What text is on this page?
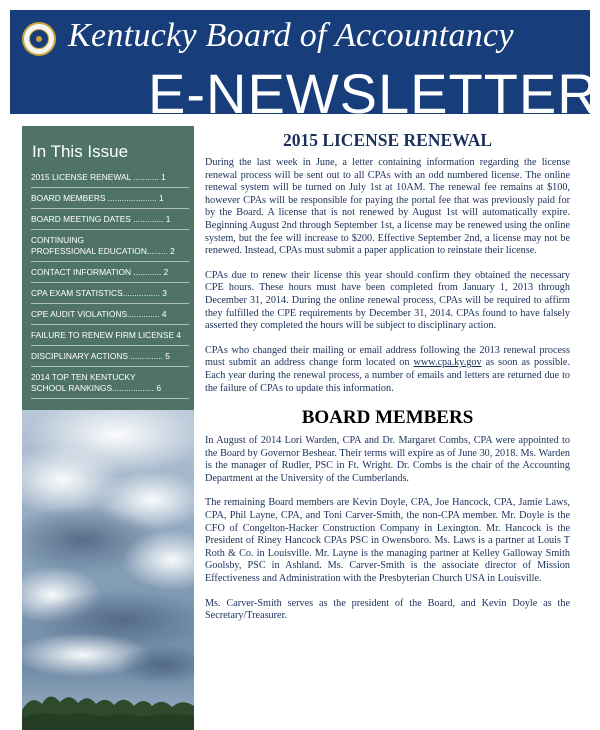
Kentucky Board of Accountancy
E-NEWSLETTER
In This Issue
2015 LICENSE RENEWAL ........... 1
BOARD MEMBERS ..................... 1
BOARD MEETING DATES ............. 1
CONTINUING
PROFESSIONAL EDUCATION......... 2
CONTACT INFORMATION ............ 2
CPA EXAM STATISTICS................ 3
CPE AUDIT VIOLATIONS.............. 4
FAILURE TO RENEW FIRM LICENSE 4
DISCIPLINARY ACTIONS .............. 5
2014 TOP TEN KENTUCKY
SCHOOL RANKINGS.................. 6
2015 LICENSE RENEWAL

During the last week in June, a letter containing information regarding the license renewal process will be sent out to all CPAs with an odd numbered license. The online renewal system will be turned on July 1st at 10AM. The renewal fee remains at $100, however CPAs will be responsible for paying the portal fee that was previously paid for by the Board. A license that is not renewed by August 1st will automatically expire. Beginning August 2nd through September 1st, a license may be renewed using the online system, but the fee will increase to $200. Effective September 2nd, a license may not be renewed. Instead, CPAs must submit a paper application to reinstate their license.

CPAs due to renew their license this year should confirm they obtained the necessary CPE hours. These hours must have been completed from January 1, 2013 through December 31, 2014. During the online renewal process, CPAs will be required to affirm they fulfilled the CPE requirements by December 31, 2014. CPAs found to have falsely asserted they completed the hours will be subject to disciplinary action.

CPAs who changed their mailing or email address following the 2013 renewal process must submit an address change form located on www.cpa.ky.gov as soon as possible. Each year during the renewal process, a number of emails and letters are returned due to the failure of CPAs to update this information.

BOARD MEMBERS

In August of 2014 Lori Warden, CPA and Dr. Margaret Combs, CPA were appointed to the Board by Governor Beshear. Their terms will expire as of June 30, 2018. Ms. Warden is the manager of Rudler, PSC in Ft. Wright. Dr. Combs is the chair of the Accounting Department at the University of the Cumberlands.

The remaining Board members are Kevin Doyle, CPA, Joe Hancock, CPA, Jamie Laws, CPA, Phil Layne, CPA, and Toni Carver-Smith, the non-CPA member. Mr. Doyle is the CFO of Congelton-Hacker Construction Company in Lexington. Mr. Hancock is the President of Riney Hancock CPAs PSC in Owensboro. Ms. Laws is a partner at Louis T Roth & Co. in Louisville. Mr. Layne is the managing partner at Kelley Galloway Smith Goolsby, PSC in Ashland. Ms. Carver-Smith is the associate director of Mission Effectiveness and Administration with the Presbyterian Church USA in Louisville.

Ms. Carver-Smith serves as the president of the Board, and Kevin Doyle as the Secretary/Treasurer.
